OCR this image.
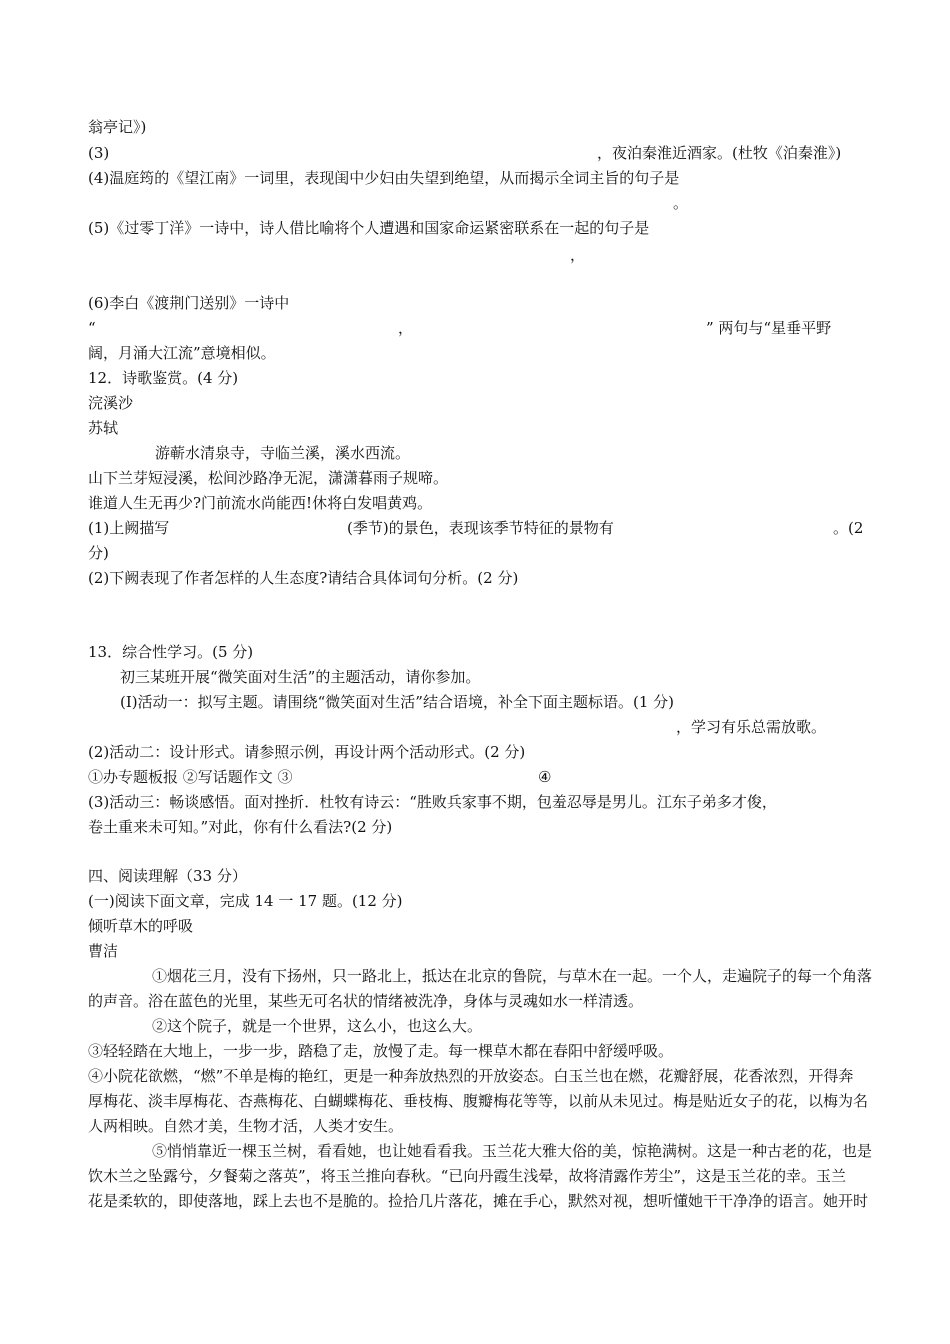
翁亭记》)
(3)	，夜泊秦淮近酒家。(杜牧《泊秦淮》)
(4)温庭筠的《望江南》一词里，表现闺中少妇由失望到绝望，从而揭示全词主旨的句子是
。
(5)《过零丁洋》一诗中，诗人借比喻将个人遭遇和国家命运紧密联系在一起的句子是
，
(6)李白《渡荆门送别》一诗中
“	，	” 两句与“星垂平野
阔，月涌大江流”意境相似。
12．诗歌鉴赏。(4 分)
浣溪沙
苏轼
游蕲水清泉寺，寺临兰溪，溪水西流。
山下兰芽短浸溪，松间沙路净无泥，潇潇暮雨子规啼。
谁道人生无再少?门前流水尚能西!休将白发唱黄鸡。
(1)上阙描写	(季节)的景色，表现该季节特征的景物有	。(2
分)
(2)下阙表现了作者怎样的人生态度?请结合具体词句分析。(2 分)
13．综合性学习。(5 分)
初三某班开展“微笑面对生活”的主题活动，请你参加。
(I)活动一：拟写主题。请围绕“微笑面对生活”结合语境，补全下面主题标语。(1 分)
，学习有乐总需放歌。
(2)活动二：设计形式。请参照示例，再设计两个活动形式。(2 分)
①办专题板报 ②写话题作文 ③	④
(3)活动三：畅谈感悟。面对挫折．杜牧有诗云：“胜败兵家事不期，包羞忍辱是男儿。江东子弟多才俊，
卷土重来未可知。”对此，你有什么看法?(2 分)
四、阅读理解（33 分）
(一)阅读下面文章，完成 14 一 17 题。(12 分)
倾听草木的呼吸
曹洁
①烟花三月，没有下扬州，只一路北上，抵达在北京的鲁院，与草木在一起。一个人，走遍院子的每一个角落
的声音。浴在蓝色的光里，某些无可名状的情绪被洗净，身体与灵魂如水一样清透。
②这个院子，就是一个世界，这么小，也这么大。
③轻轻踏在大地上，一步一步，踏稳了走，放慢了走。每一棵草木都在春阳中舒缓呼吸。
④小院花欲燃，“燃”不单是梅的艳红，更是一种奔放热烈的开放姿态。白玉兰也在燃，花瓣舒展，花香浓烈，开得奔
厚梅花、淡丰厚梅花、杏燕梅花、白蝴蝶梅花、垂枝梅、腹瓣梅花等等，以前从未见过。梅是贴近女子的花，以梅为名
人两相映。自然才美，生物才活，人类才安生。
⑤悄悄靠近一棵玉兰树，看看她，也让她看看我。玉兰花大雅大俗的美，惊艳满树。这是一种古老的花，也是
饮木兰之坠露兮，夕餐菊之落英”，将玉兰推向春秋。“已向丹霞生浅晕，故将清露作芳尘”，这是玉兰花的幸。玉兰
花是柔软的，即使落地，踩上去也不是脆的。捡拾几片落花，摊在手心，默然对视，想听懂她干干净净的语言。她开时
